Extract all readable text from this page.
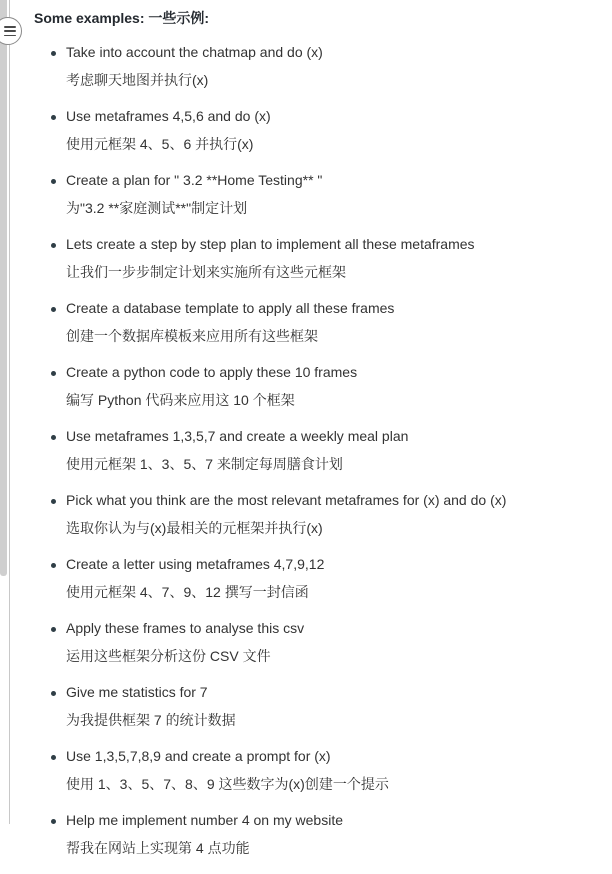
Some examples: 一些示例:
Take into account the chatmap and do (x)
考虑聊天地图并执行(x)
Use metaframes 4,5,6 and do (x)
使用元框架 4、5、6 并执行(x)
Create a plan for " 3.2 **Home Testing** "
为"3.2 **家庭测试**"制定计划
Lets create a step by step plan to implement all these metaframes
让我们一步步制定计划来实施所有这些元框架
Create a database template to apply all these frames
创建一个数据库模板来应用所有这些框架
Create a python code to apply these 10 frames
编写 Python 代码来应用这 10 个框架
Use metaframes 1,3,5,7 and create a weekly meal plan
使用元框架 1、3、5、7 来制定每周膳食计划
Pick what you think are the most relevant metaframes for (x) and do (x)
选取你认为与(x)最相关的元框架并执行(x)
Create a letter using metaframes 4,7,9,12
使用元框架 4、7、9、12 撰写一封信函
Apply these frames to analyse this csv
运用这些框架分析这份 CSV 文件
Give me statistics for 7
为我提供框架 7 的统计数据
Use 1,3,5,7,8,9 and create a prompt for (x)
使用 1、3、5、7、8、9 这些数字为(x)创建一个提示
Help me implement number 4 on my website
帮我在网站上实现第 4 点功能
